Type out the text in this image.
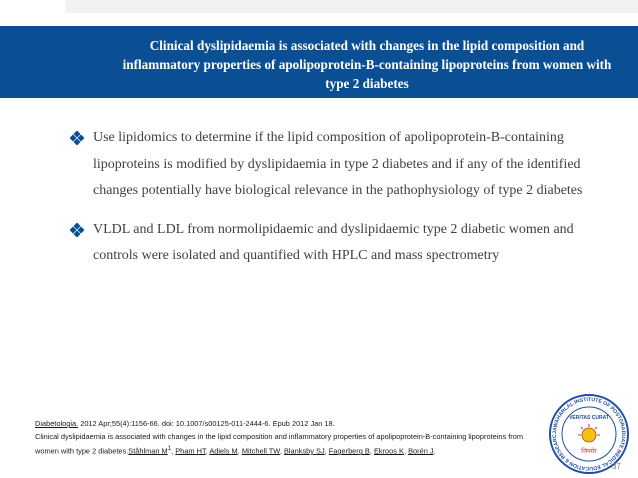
Clinical dyslipidaemia is associated with changes in the lipid composition and inflammatory properties of apolipoprotein-B-containing lipoproteins from women with type 2 diabetes
Use lipidomics to determine if the lipid composition of apolipoprotein-B-containing lipoproteins is modified by dyslipidaemia in type 2 diabetes and if any of the identified changes potentially have biological relevance in the pathophysiology of type 2 diabetes
VLDL and LDL from normolipidaemic and dyslipidaemic type 2 diabetic women and controls were isolated and quantified with HPLC and mass spectrometry
Diabetologia. 2012 Apr;55(4):1156-66. doi: 10.1007/s00125-011-2444-6. Epub 2012 Jan 18.
Clinical dyslipidaemia is associated with changes in the lipid composition and inflammatory properties of apolipoprotein-B-containing lipoproteins from
women with type 2 diabetes.Ståhlman $M^1$, Pham HT, Adiels M, Mitchell TW, Blanksby SJ, Fagerberg B, Ekroos K, Borén J.
JAWAHARLAL INSTITUTE OF POSTGRADUATE MEDICAL EDUCATION & RESEARC
VERITAS CURAT
जिपमेर
37
